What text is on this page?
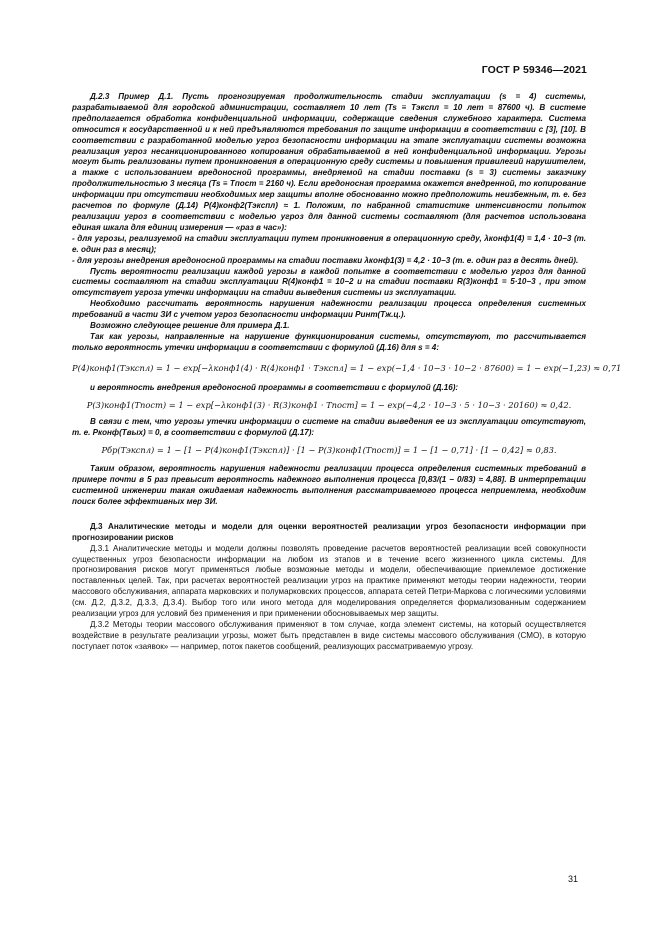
ГОСТ Р 59346—2021

Д.2.3 Пример Д.1. Пусть прогнозируемая продолжительность стадии эксплуатации (s = 4) системы, разрабатываемой для городской администрации, составляет 10 лет (Ts ≡ Tэкспл = 10 лет = 87600 ч). В системе предполагается обработка конфиденциальной информации, содержащие сведения служебного характера. Система относится к государственной и к ней предъявляются требования по защите информации в соответствии с [3], [10]. В соответствии с разработанной моделью угроз безопасности информации на этапе эксплуатации системы возможна реализация угроз несанкционированного копирования обрабатываемой в ней конфиденциальной информации. Угрозы могут быть реализованы путем проникновения в операционную среду системы и повышения привилегий нарушителем, а также с использованием вредоносной программы, внедряемой на стадии поставки (s = 3) системы заказчику продолжительностью 3 месяца (Ts ≡ Tпост = 2160 ч). Если вредоносная программа окажется внедренной, то копирование информации при отсутствии необходимых мер защиты вполне обоснованно можно предположить неизбежным, т. е. без расчетов по формуле (Д.14) P(4)конф2(Tэкспл) ≈ 1. Положим, по набранной статистике интенсивности попыток реализации угроз в соответствии с моделью угроз для данной системы составляют (для расчетов использована единая шкала для единиц измерения — «раз в час»):

- для угрозы, реализуемой на стадии эксплуатации путем проникновения в операционную среду, λконф1(4) = 1,4 · 10−3 (т. е. один раз в месяц);

- для угрозы внедрения вредоносной программы на стадии поставки λконф1(3) = 4,2 · 10−3 (т. е. один раз в десять дней).

Пусть вероятности реализации каждой угрозы в каждой попытке в соответствии с моделью угроз для данной системы составляют на стадии эксплуатации R(4)конф1 = 10−2 и на стадии поставки R(3)конф1 = 5·10−3 , при этом отсутствует угроза утечки информации на стадии выведения системы из эксплуатации.

Необходимо рассчитать вероятность нарушения надежности реализации процесса определения системных требований в части ЗИ с учетом угроз безопасности информации Pинт(Tж.ц.).

Возможно следующее решение для примера Д.1.

Так как угрозы, направленные на нарушение функционирования системы, отсутствуют, то рассчитывается только вероятность утечки информации в соответствии с формулой (Д.16) для s = 4:

P(4)конф1(Tэкспл) = 1 − exp[−λконф1(4) · R(4)конф1 · Tэкспл] = 1 − exp(−1,4 · 10−3 · 10−2 · 87600) = 1 − exp(−1,23) ≈ 0,71

и вероятность внедрения вредоносной программы в соответствии с формулой (Д.16):

P(3)конф1(Tпост) = 1 − exp[−λконф1(3) · R(3)конф1 · Tпост] = 1 − exp(−4,2 · 10−3 · 5 · 10−3 · 20160) ≈ 0,42.

В связи с тем, что угрозы утечки информации о системе на стадии выведения ее из эксплуатации отсутствуют, т. е. Pконф(Tвых) = 0, в соответствии с формулой (Д.17):

Pбр(Tэкспл) = 1 − [1 − P(4)конф1(Tэкспл)] · [1 − P(3)конф1(Tпост)] = 1 − [1 − 0,71] · [1 − 0,42] ≈ 0,83.

Таким образом, вероятность нарушения надежности реализации процесса определения системных требований в примере почти в 5 раз превысит вероятность надежного выполнения процесса [0,83/(1 − 0/83) ≈ 4,88]. В интерпретации системной инженерии такая ожидаемая надежность выполнения рассматриваемого процесса неприемлема, необходим поиск более эффективных мер ЗИ.

Д.3 Аналитические методы и модели для оценки вероятностей реализации угроз безопасности информации при прогнозировании рисков

Д.3.1 Аналитические методы и модели должны позволять проведение расчетов вероятностей реализации всей совокупности существенных угроз безопасности информации на любом из этапов и в течение всего жизненного цикла системы. Для прогнозирования рисков могут применяться любые возможные методы и модели, обеспечивающие приемлемое достижение поставленных целей. Так, при расчетах вероятностей реализации угроз на практике применяют методы теории надежности, теории массового обслуживания, аппарата марковских и полумарковских процессов, аппарата сетей Петри-Маркова с логическими условиями (см. Д.2, Д.3.2, Д.3.3, Д.3.4). Выбор того или иного метода для моделирования определяется формализованным содержанием реализации угроз для условий без применения и при применении обосновываемых мер защиты.

Д.3.2 Методы теории массового обслуживания применяют в том случае, когда элемент системы, на который осуществляется воздействие в результате реализации угрозы, может быть представлен в виде системы массового обслуживания (СМО), в которую поступает поток «заявок» — например, поток пакетов сообщений, реализующих рассматриваемую угрозу.

31
